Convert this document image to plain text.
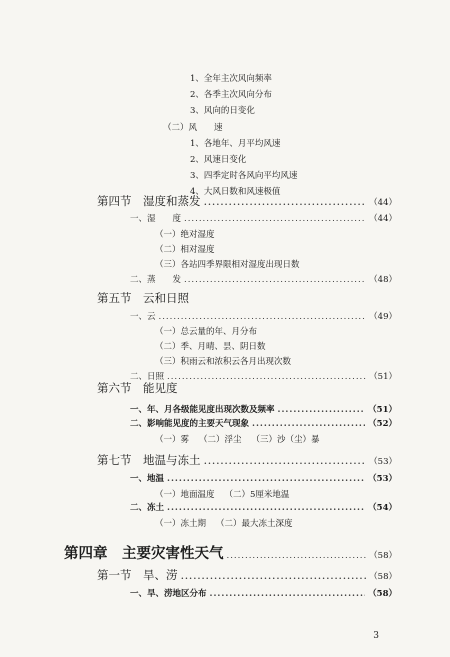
1、全年主次风向频率
2、各季主次风向分布
3、风向的日变化
（二）风　　速
1、各地年、月平均风速
2、风速日变化
3、四季定时各风向平均风速
4、大风日数和风速极值
第四节　湿度和蒸发 .....	（44）
一、湿　　度 .....	（44）
（一）绝对湿度
（二）相对湿度
（三）各站四季界限相对湿度出现日数
二、蒸　　发 .....	（48）
第五节　云和日照
一、云 .....	（49）
（一）总云量的年、月分布
（二）季、月晴、昙、阴日数
（三）积雨云和浓积云各月出现次数
二、日照 .....	（51）
第六节　能见度
一、年、月各级能见度出现次数及频率 .....	（51）
二、影响能见度的主要天气现象 .....	（52）
（一）雾 （二）浮尘 （三）沙（尘）暴
第七节　地温与冻土 .....	（53）
一、地温 .....	（53）
（一）地面温度 （二）5厘米地温
二、冻土 .....	（54）
（一）冻土期 （二）最大冻土深度
第四章　主要灾害性天气 .....	（58）
第一节　旱、涝 .....	（58）
一、旱、涝地区分布 .....	（58）
3
